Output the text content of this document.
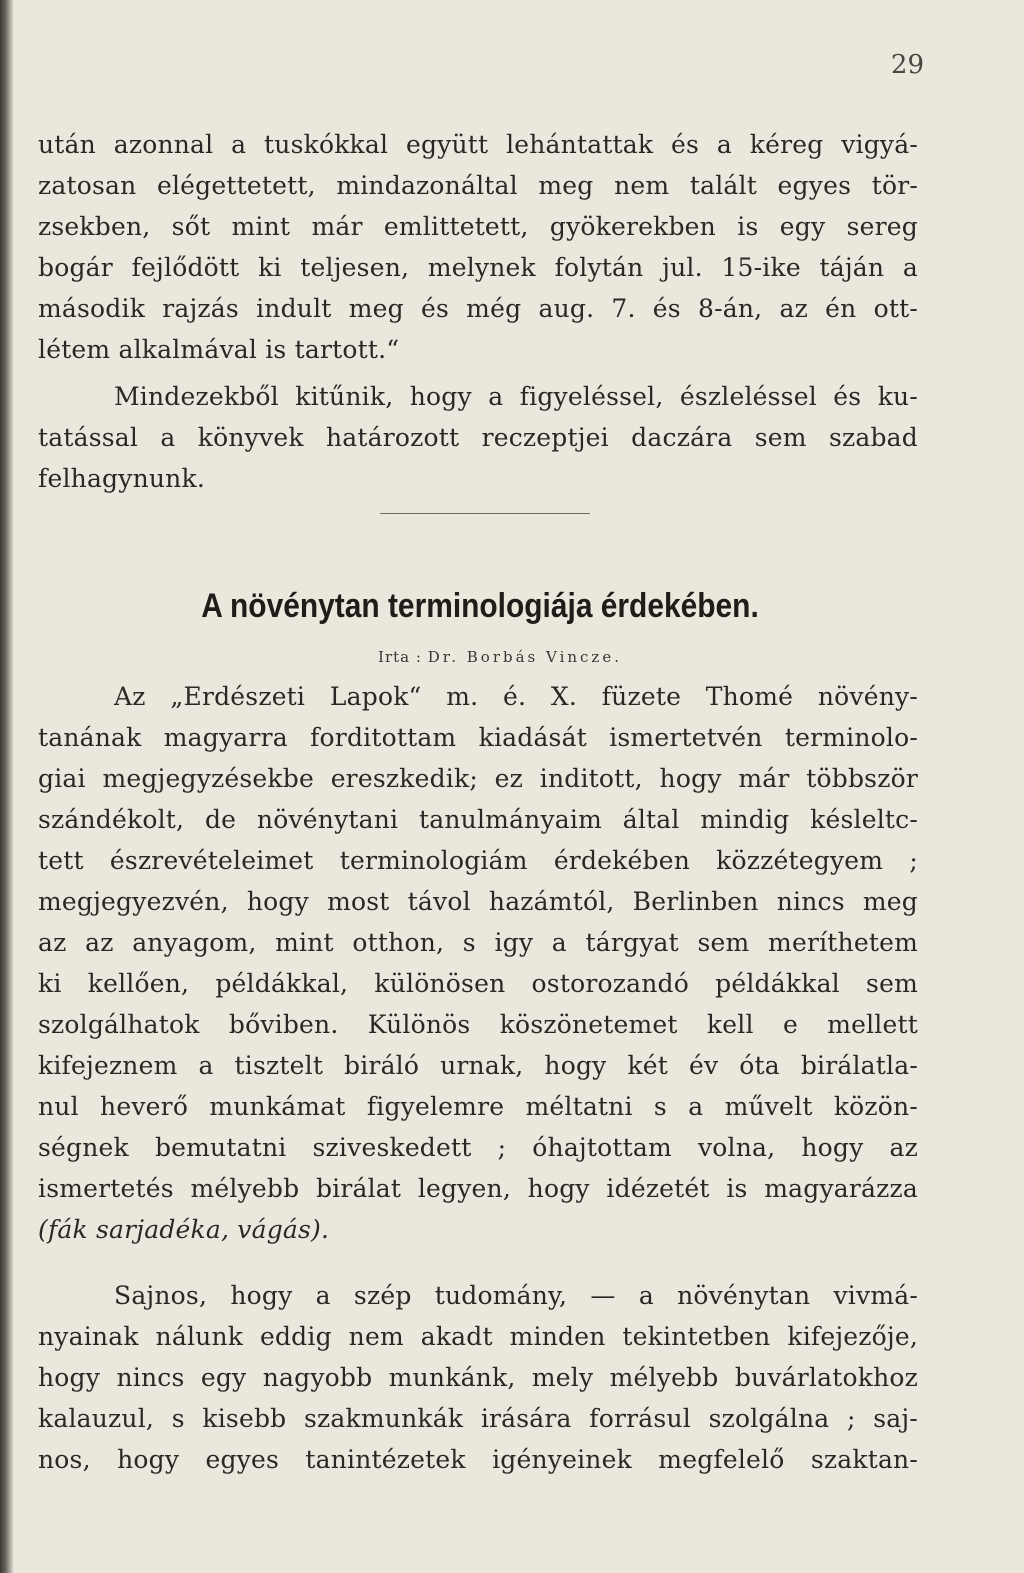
29
után azonnal a tuskókkal együtt lehántattak és a kéreg vigyá-
zatosan elégettetett, mindazonáltal meg nem talált egyes tör-
zsekben, sőt mint már emlittetett, gyökerekben is egy sereg
bogár fejlődött ki teljesen, melynek folytán jul. 15-ike táján a
második rajzás indult meg és még aug. 7. és 8-án, az én ott-
létem alkalmával is tartott.“
Mindezekből kitűnik, hogy a figyeléssel, észleléssel és ku-
tatással a könyvek határozott reczeptjei daczára sem szabad
felhagynunk.
A növénytan terminologiája érdekében.
Irta : Dr. Borbás Vincze.
Az „Erdészeti Lapok“ m. é. X. füzete Thomé növény-
tanának magyarra forditottam kiadását ismertetvén terminolo-
giai megjegyzésekbe ereszkedik; ez inditott, hogy már többször
szándékolt, de növénytani tanulmányaim által mindig késleltc-
tett észrevételeimet terminologiám érdekében közzétegyem ;
megjegyezvén, hogy most távol hazámtól, Berlinben nincs meg
az az anyagom, mint otthon, s igy a tárgyat sem meríthetem
ki kellően, példákkal, különösen ostorozandó példákkal sem
szolgálhatok bőviben. Különös köszönetemet kell e mellett
kifejeznem a tisztelt biráló urnak, hogy két év óta birálatla-
nul heverő munkámat figyelemre méltatni s a művelt közön-
ségnek bemutatni sziveskedett ; óhajtottam volna, hogy az
ismertetés mélyebb birálat legyen, hogy idézetét is magyarázza
(fák sarjadéka, vágás).
Sajnos, hogy a szép tudomány, — a növénytan vivmá-
nyainak nálunk eddig nem akadt minden tekintetben kifejezője,
hogy nincs egy nagyobb munkánk, mely mélyebb buvárlatokhoz
kalauzul, s kisebb szakmunkák irására forrásul szolgálna ; saj-
nos, hogy egyes tanintézetek igényeinek megfelelő szaktan-
